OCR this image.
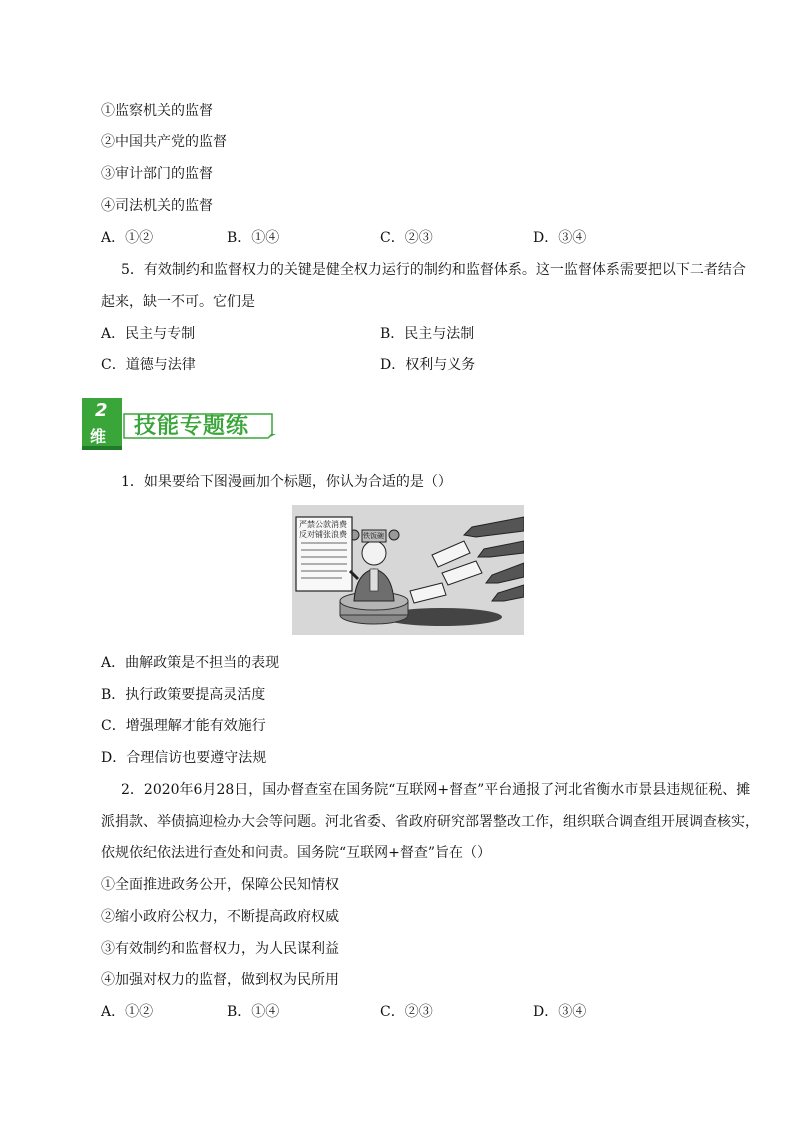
①监察机关的监督
②中国共产党的监督
③审计部门的监督
④司法机关的监督
A．①②	B．①④	C．②③	D．③④
5．有效制约和监督权力的关键是健全权力运行的制约和监督体系。这一监督体系需要把以下二者结合
起来，缺一不可。它们是
A．民主与专制	B．民主与法制
C．道德与法律	D．权利与义务
2
维 技能专题练
1．如果要给下图漫画加个标题，你认为合适的是（）
严禁公款消费
反对铺张浪费 铁饭碗
A．曲解政策是不担当的表现
B．执行政策要提高灵活度
C．增强理解才能有效施行
D．合理信访也要遵守法规
2．2020年6月28日，国办督查室在国务院“互联网+督查”平台通报了河北省衡水市景县违规征税、摊
派捐款、举债搞迎检办大会等问题。河北省委、省政府研究部署整改工作，组织联合调查组开展调查核实，
依规依纪依法进行查处和问责。国务院“互联网+督查”旨在（）
①全面推进政务公开，保障公民知情权
②缩小政府公权力，不断提高政府权威
③有效制约和监督权力，为人民谋利益
④加强对权力的监督，做到权为民所用
A．①②	B．①④	C．②③	D．③④
